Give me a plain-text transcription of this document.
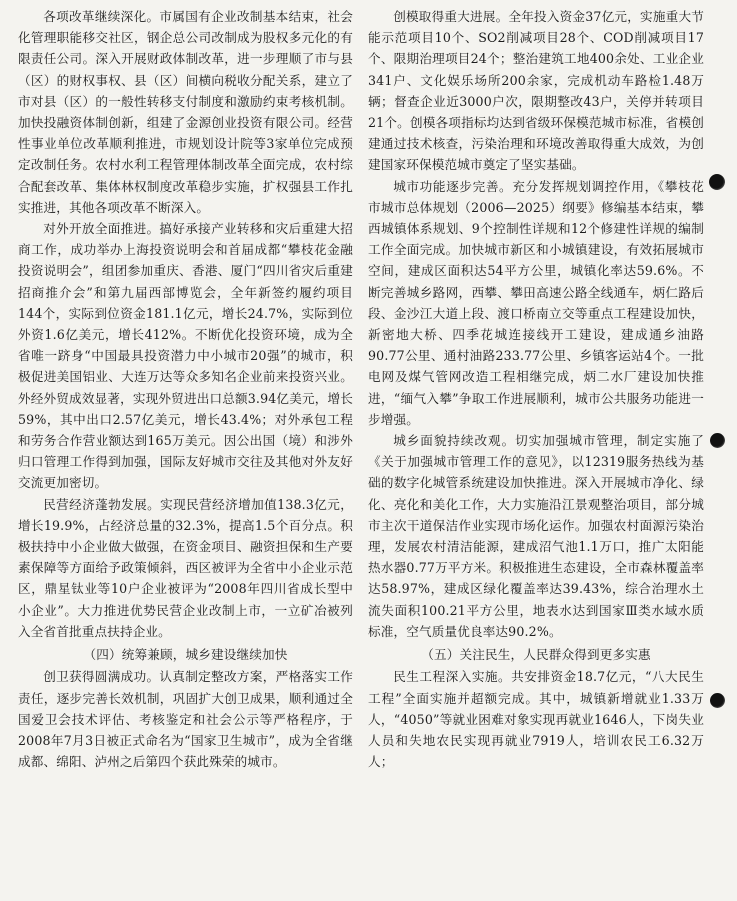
各项改革继续深化。市属国有企业改制基本结束，社会化管理职能移交社区，钢企总公司改制成为股权多元化的有限责任公司。深入开展财政体制改革，进一步理顺了市与县（区）的财权事权、县（区）间横向税收分配关系，建立了市对县（区）的一般性转移支付制度和激励约束考核机制。加快投融资体制创新，组建了金源创业投资有限公司。经营性事业单位改革顺利推进，市规划设计院等3家单位完成预定改制任务。农村水利工程管理体制改革全面完成，农村综合配套改革、集体林权制度改革稳步实施，扩权强县工作扎实推进，其他各项改革不断深入。

对外开放全面推进。搞好承接产业转移和灾后重建大招商工作，成功举办上海投资说明会和首届成都“攀枝花金融投资说明会”，组团参加重庆、香港、厦门“四川省灾后重建招商推介会”和第九届西部博览会，全年新签约履约项目144个，实际到位资金181.1亿元，增长24.7%，实际到位外资1.6亿美元，增长412%。不断优化投资环境，成为全省唯一跻身“中国最具投资潜力中小城市20强”的城市，积极促进美国铝业、大连万达等众多知名企业前来投资兴业。外经外贸成效显著，实现外贸进出口总额3.94亿美元，增长59%，其中出口2.57亿美元，增长43.4%；对外承包工程和劳务合作营业额达到165万美元。因公出国（境）和涉外归口管理工作得到加强，国际友好城市交往及其他对外友好交流更加密切。

民营经济蓬勃发展。实现民营经济增加值138.3亿元，增长19.9%，占经济总量的32.3%，提高1.5个百分点。积极扶持中小企业做大做强，在资金项目、融资担保和生产要素保障等方面给予政策倾斜，西区被评为全省中小企业示范区，鼎星钛业等10户企业被评为“2008年四川省成长型中小企业”。大力推进优势民营企业改制上市，一立矿冶被列入全省首批重点扶持企业。

（四）统筹兼顾，城乡建设继续加快

创卫获得圆满成功。认真制定整改方案，严格落实工作责任，逐步完善长效机制，巩固扩大创卫成果，顺利通过全国爱卫会技术评估、考核鉴定和社会公示等严格程序，于2008年7月3日被正式命名为“国家卫生城市”，成为全省继成都、绵阳、泸州之后第四个获此殊荣的城市。

创模取得重大进展。全年投入资金37亿元，实施重大节能示范项目10个、SO2削减项目28个、COD削减项目17个、限期治理项目24个；整治建筑工地400余处、工业企业341户、文化娱乐场所200余家，完成机动车路检1.48万辆；督查企业近3000户次，限期整改43户，关停并转项目21个。创模各项指标均达到省级环保模范城市标准，省模创建通过技术核查，污染治理和环境改善取得重大成效，为创建国家环保模范城市奠定了坚实基础。

城市功能逐步完善。充分发挥规划调控作用，《攀枝花市城市总体规划（2006—2025）纲要》修编基本结束，攀西城镇体系规划、9个控制性详规和12个修建性详规的编制工作全面完成。加快城市新区和小城镇建设，有效拓展城市空间，建成区面积达54平方公里，城镇化率达59.6%。不断完善城乡路网，西攀、攀田高速公路全线通车，炳仁路后段、金沙江大道上段、渡口桥南立交等重点工程建设加快，新密地大桥、四季花城连接线开工建设，建成通乡油路90.77公里、通村油路233.77公里、乡镇客运站4个。一批电网及煤气管网改造工程相继完成，炳二水厂建设加快推进，“缅气入攀”争取工作进展顺利，城市公共服务功能进一步增强。

城乡面貌持续改观。切实加强城市管理，制定实施了《关于加强城市管理工作的意见》，以12319服务热线为基础的数字化城管系统建设加快推进。深入开展城市净化、绿化、亮化和美化工作，大力实施沿江景观整治项目，部分城市主次干道保洁作业实现市场化运作。加强农村面源污染治理，发展农村清洁能源，建成沼气池1.1万口，推广太阳能热水器0.77万平方米。积极推进生态建设，全市森林覆盖率达58.97%，建成区绿化覆盖率达39.43%，综合治理水土流失面积100.21平方公里，地表水达到国家Ⅲ类水域水质标准，空气质量优良率达90.2%。

（五）关注民生，人民群众得到更多实惠

民生工程深入实施。共安排资金18.7亿元，“八大民生工程”全面实施并超额完成。其中，城镇新增就业1.33万人，“4050”等就业困难对象实现再就业1646人，下岗失业人员和失地农民实现再就业7919人，培训农民工6.32万人；
